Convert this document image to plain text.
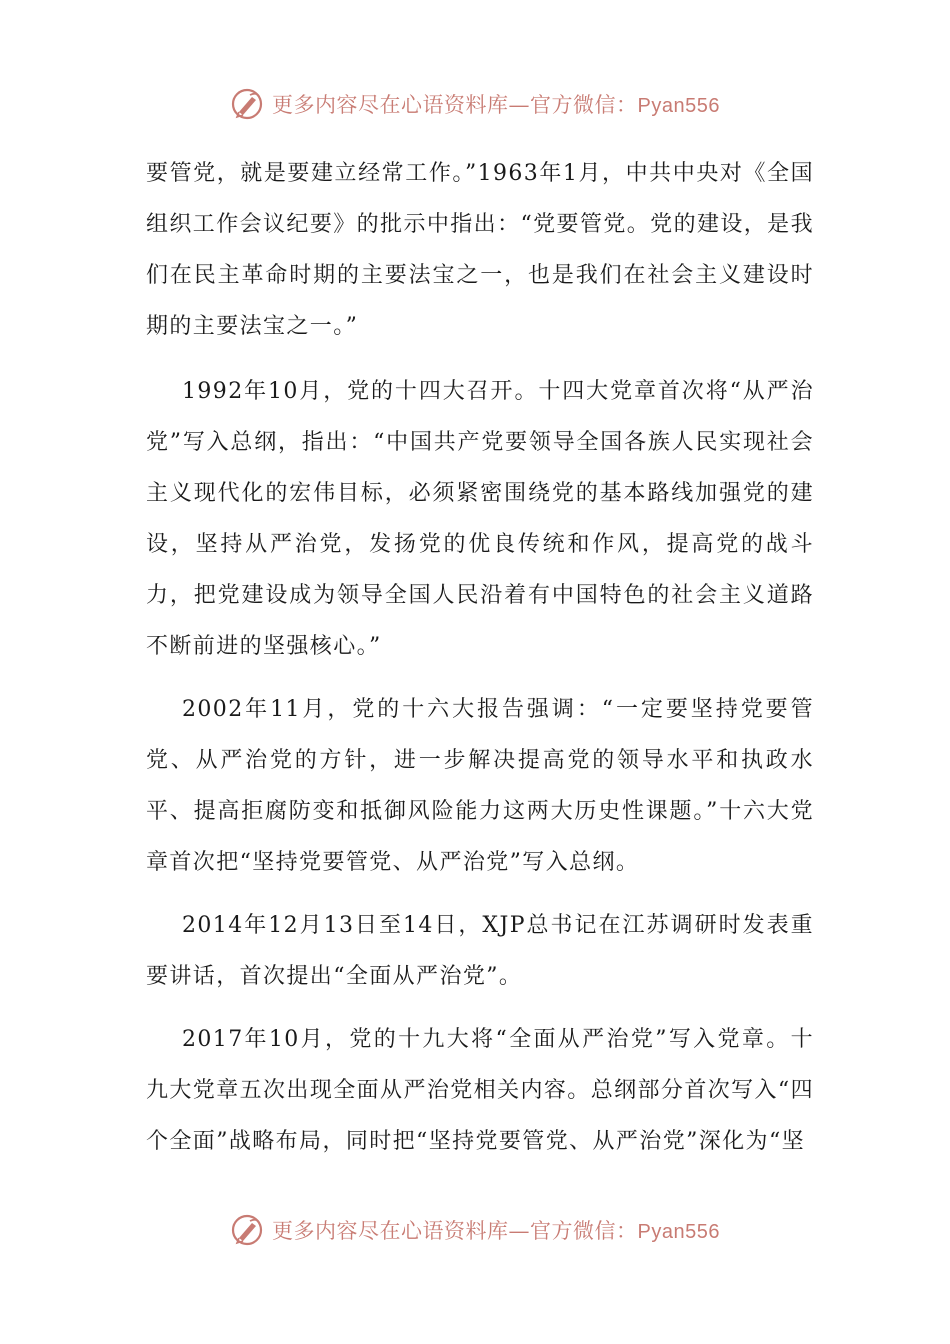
更多内容尽在心语资料库—官方微信：Pyan556

要管党，就是要建立经常工作。”1963年1月，中共中央对《全国组织工作会议纪要》的批示中指出：“党要管党。党的建设，是我们在民主革命时期的主要法宝之一，也是我们在社会主义建设时期的主要法宝之一。”

1992年10月，党的十四大召开。十四大党章首次将“从严治党”写入总纲，指出：“中国共产党要领导全国各族人民实现社会主义现代化的宏伟目标，必须紧密围绕党的基本路线加强党的建设，坚持从严治党，发扬党的优良传统和作风，提高党的战斗力，把党建设成为领导全国人民沿着有中国特色的社会主义道路不断前进的坚强核心。”

2002年11月，党的十六大报告强调：“一定要坚持党要管党、从严治党的方针，进一步解决提高党的领导水平和执政水平、提高拒腐防变和抵御风险能力这两大历史性课题。”十六大党章首次把“坚持党要管党、从严治党”写入总纲。

2014年12月13日至14日，XJP总书记在江苏调研时发表重要讲话，首次提出“全面从严治党”。

2017年10月，党的十九大将“全面从严治党”写入党章。十九大党章五次出现全面从严治党相关内容。总纲部分首次写入“四个全面”战略布局，同时把“坚持党要管党、从严治党”深化为“坚

更多内容尽在心语资料库—官方微信：Pyan556
